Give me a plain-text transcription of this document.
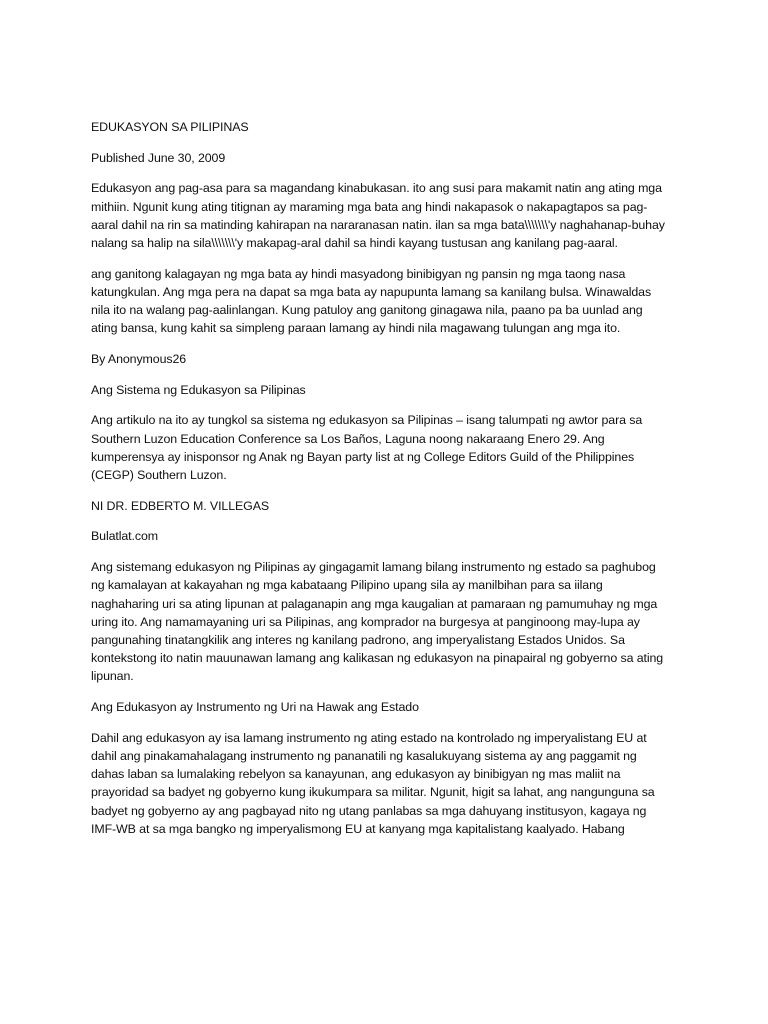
EDUKASYON SA PILIPINAS

Published June 30, 2009

Edukasyon ang pag-asa para sa magandang kinabukasan. ito ang susi para makamit natin ang ating mga mithiin. Ngunit kung ating titignan ay maraming mga bata ang hindi nakapasok o nakapagtapos sa pag-aaral dahil na rin sa matinding kahirapan na nararanasan natin. ilan sa mga bata\\\\\\\'y naghahanap-buhay nalang sa halip na sila\\\\\\\'y makapag-aral dahil sa hindi kayang tustusan ang kanilang pag-aaral.

ang ganitong kalagayan ng mga bata ay hindi masyadong binibigyan ng pansin ng mga taong nasa katungkulan. Ang mga pera na dapat sa mga bata ay napupunta lamang sa kanilang bulsa. Winawaldas nila ito na walang pag-aalinlangan. Kung patuloy ang ganitong ginagawa nila, paano pa ba uunlad ang ating bansa, kung kahit sa simpleng paraan lamang ay hindi nila magawang tulungan ang mga ito.

By Anonymous26

Ang Sistema ng Edukasyon sa Pilipinas

Ang artikulo na ito ay tungkol sa sistema ng edukasyon sa Pilipinas – isang talumpati ng awtor para sa Southern Luzon Education Conference sa Los Baños, Laguna noong nakaraang Enero 29. Ang kumperensya ay inisponsor ng Anak ng Bayan party list at ng College Editors Guild of the Philippines (CEGP) Southern Luzon.

NI DR. EDBERTO M. VILLEGAS

Bulatlat.com

Ang sistemang edukasyon ng Pilipinas ay gingagamit lamang bilang instrumento ng estado sa paghubog ng kamalayan at kakayahan ng mga kabataang Pilipino upang sila ay manilbihan para sa iilang naghaharing uri sa ating lipunan at palaganapin ang mga kaugalian at pamaraan ng pamumuhay ng mga uring ito. Ang namamayaning uri sa Pilipinas, ang komprador na burgesya at panginoong may-lupa ay pangunahing tinatangkilik ang interes ng kanilang padrono, ang imperyalistang Estados Unidos. Sa kontekstong ito natin mauunawan lamang ang kalikasan ng edukasyon na pinapairal ng gobyerno sa ating lipunan.

Ang Edukasyon ay Instrumento ng Uri na Hawak ang Estado

Dahil ang edukasyon ay isa lamang instrumento ng ating estado na kontrolado ng imperyalistang EU at dahil ang pinakamahalagang instrumento ng pananatili ng kasalukuyang sistema ay ang paggamit ng dahas laban sa lumalaking rebelyon sa kanayunan, ang edukasyon ay binibigyan ng mas maliit na prayoridad sa badyet ng gobyerno kung ikukumpara sa militar. Ngunit, higit sa lahat, ang nangunguna sa badyet ng gobyerno ay ang pagbayad nito ng utang panlabas sa mga dahuyang institusyon, kagaya ng IMF-WB at sa mga bangko ng imperyalismong EU at kanyang mga kapitalistang kaalyado. Habang
